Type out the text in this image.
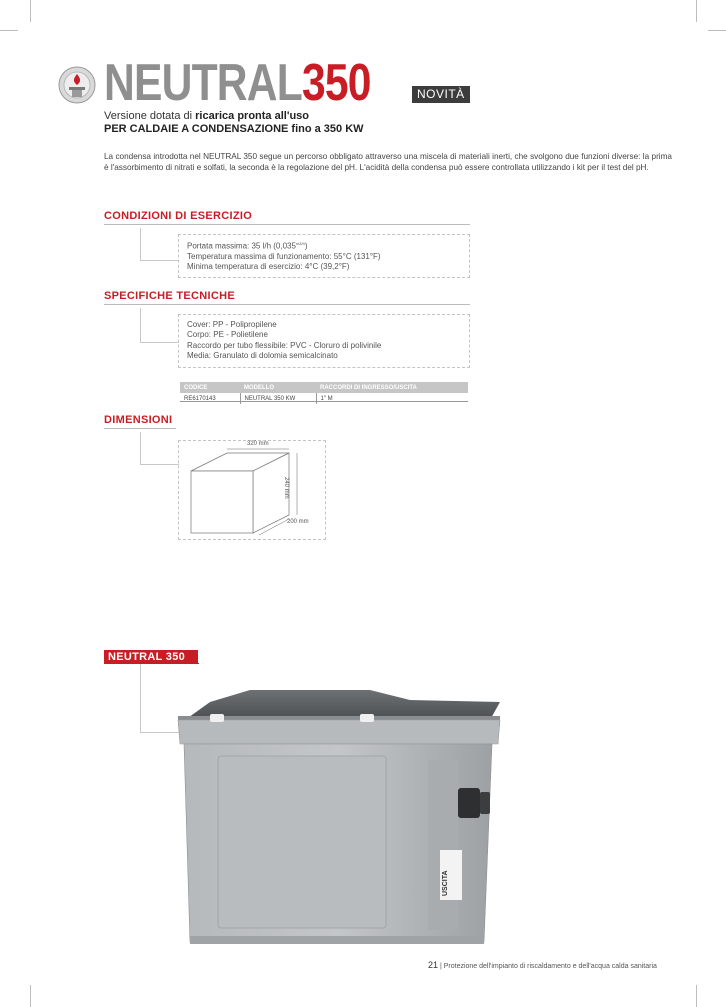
NEUTRAL350	NOVITÀ
Versione dotata di ricarica pronta all'uso
PER CALDAIE A CONDENSAZIONE fino a 350 KW
La condensa introdotta nel NEUTRAL 350 segue un percorso obbligato attraverso una miscela di materiali inerti, che svolgono due funzioni diverse: la prima è l'assorbimento di nitrati e solfati, la seconda è la regolazione del pH. L'acidità della condensa può essere controllata utilizzando i kit per il test del pH.
CONDIZIONI DI ESERCIZIO
Portata massima: 35 l/h $(0,035^{m3/h})$
Temperatura massima di funzionamento: 55°C (131°F)
Minima temperatura di esercizio: 4°C (39,2°F)
SPECIFICHE TECNICHE
Cover: PP - Polipropilene
Corpo: PE - Polietilene
Raccordo per tubo flessibile: PVC - Cloruro di polivinile
Media: Granulato di dolomia semicalcinato
CODICE	MODELLO	RACCORDI DI INGRESSO/USCITA
RE6170143	NEUTRAL 350 KW	1" M
DIMENSIONI
320 mm
240 mm
200 mm
NEUTRAL 350
USCITA
21 | Protezione dell'impianto di riscaldamento e dell'acqua calda sanitaria
